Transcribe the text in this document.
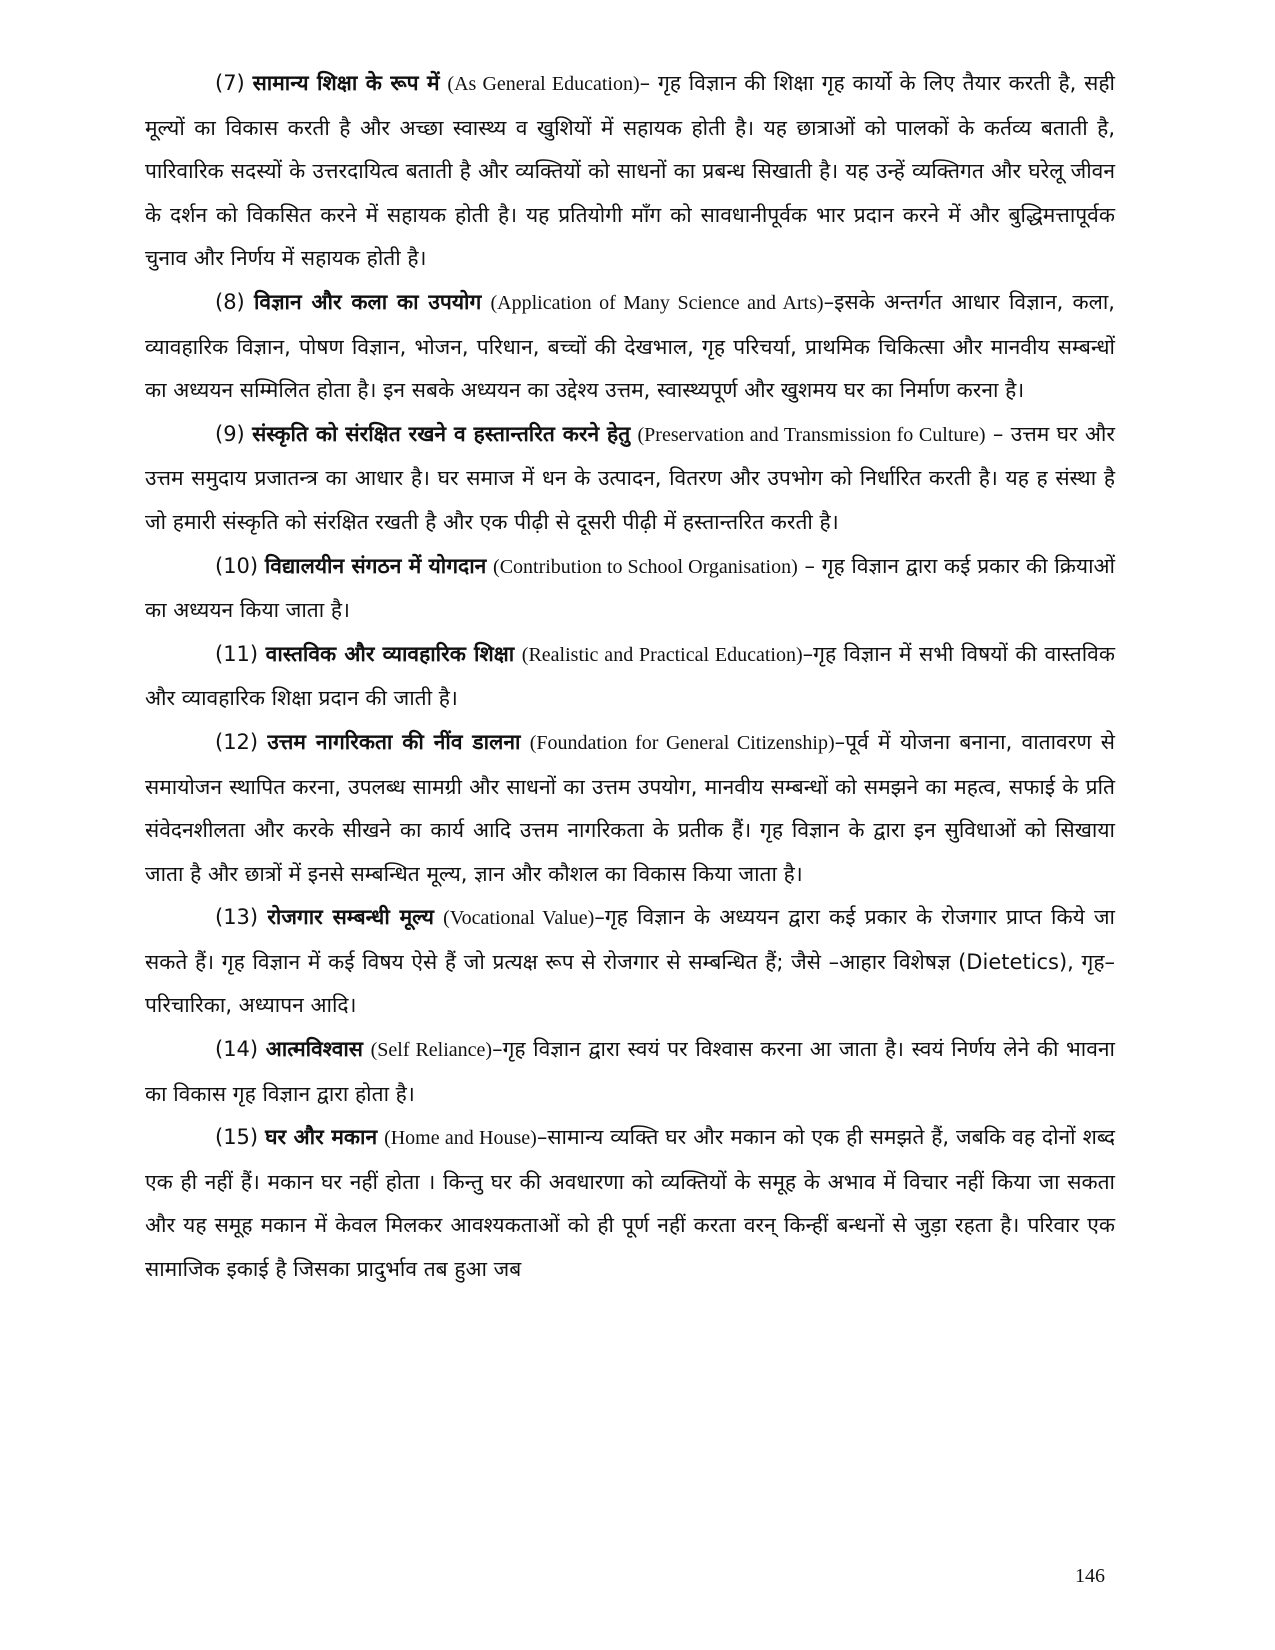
(7) सामान्य शिक्षा के रूप में (As General Education)– गृह विज्ञान की शिक्षा गृह कार्यो के लिए तैयार करती है, सही मूल्यों का विकास करती है और अच्छा स्वास्थ्य व खुशियों में सहायक होती है। यह छात्राओं को पालकों के कर्तव्य बताती है, पारिवारिक सदस्यों के उत्तरदायित्व बताती है और व्यक्तियों को साधनों का प्रबन्ध सिखाती है। यह उन्हें व्यक्तिगत और घरेलू जीवन के दर्शन को विकसित करने में सहायक होती है। यह प्रतियोगी माँग को सावधानीपूर्वक भार प्रदान करने में और बुद्धिमत्तापूर्वक चुनाव और निर्णय में सहायक होती है।

(8) विज्ञान और कला का उपयोग (Application of Many Science and Arts)–इसके अन्तर्गत आधार विज्ञान, कला, व्यावहारिक विज्ञान, पोषण विज्ञान, भोजन, परिधान, बच्चों की देखभाल, गृह परिचर्या, प्राथमिक चिकित्सा और मानवीय सम्बन्धों का अध्ययन सम्मिलित होता है। इन सबके अध्ययन का उद्देश्य उत्तम, स्वास्थ्यपूर्ण और खुशमय घर का निर्माण करना है।

(9) संस्कृति को संरक्षित रखने व हस्तान्तरित करने हेतु (Preservation and Transmission fo Culture) – उत्तम घर और उत्तम समुदाय प्रजातन्त्र का आधार है। घर समाज में धन के उत्पादन, वितरण और उपभोग को निर्धारित करती है। यह ह संस्था है जो हमारी संस्कृति को संरक्षित रखती है और एक पीढ़ी से दूसरी पीढ़ी में हस्तान्तरित करती है।

(10) विद्यालयीन संगठन में योगदान (Contribution to School Organisation) – गृह विज्ञान द्वारा कई प्रकार की क्रियाओं का अध्ययन किया जाता है।

(11) वास्तविक और व्यावहारिक शिक्षा (Realistic and Practical Education)–गृह विज्ञान में सभी विषयों की वास्तविक और व्यावहारिक शिक्षा प्रदान की जाती है।

(12) उत्तम नागरिकता की नींव डालना (Foundation for General Citizenship)–पूर्व में योजना बनाना, वातावरण से समायोजन स्थापित करना, उपलब्ध सामग्री और साधनों का उत्तम उपयोग, मानवीय सम्बन्धों को समझने का महत्व, सफाई के प्रति संवेदनशीलता और करके सीखने का कार्य आदि उत्तम नागरिकता के प्रतीक हैं। गृह विज्ञान के द्वारा इन सुविधाओं को सिखाया जाता है और छात्रों में इनसे सम्बन्धित मूल्य, ज्ञान और कौशल का विकास किया जाता है।

(13) रोजगार सम्बन्धी मूल्य (Vocational Value)–गृह विज्ञान के अध्ययन द्वारा कई प्रकार के रोजगार प्राप्त किये जा सकते हैं। गृह विज्ञान में कई विषय ऐसे हैं जो प्रत्यक्ष रूप से रोजगार से सम्बन्धित हैं; जैसे –आहार विशेषज्ञ (Dietetics), गृह–परिचारिका, अध्यापन आदि।

(14) आत्मविश्वास (Self Reliance)–गृह विज्ञान द्वारा स्वयं पर विश्वास करना आ जाता है। स्वयं निर्णय लेने की भावना का विकास गृह विज्ञान द्वारा होता है।

(15) घर और मकान (Home and House)–सामान्य व्यक्ति घर और मकान को एक ही समझते हैं, जबकि वह दोनों शब्द एक ही नहीं हैं। मकान घर नहीं होता । किन्तु घर की अवधारणा को व्यक्तियों के समूह के अभाव में विचार नहीं किया जा सकता और यह समूह मकान में केवल मिलकर आवश्यकताओं को ही पूर्ण नहीं करता वरन् किन्हीं बन्धनों से जुड़ा रहता है। परिवार एक सामाजिक इकाई है जिसका प्रादुर्भाव तब हुआ जब

146
